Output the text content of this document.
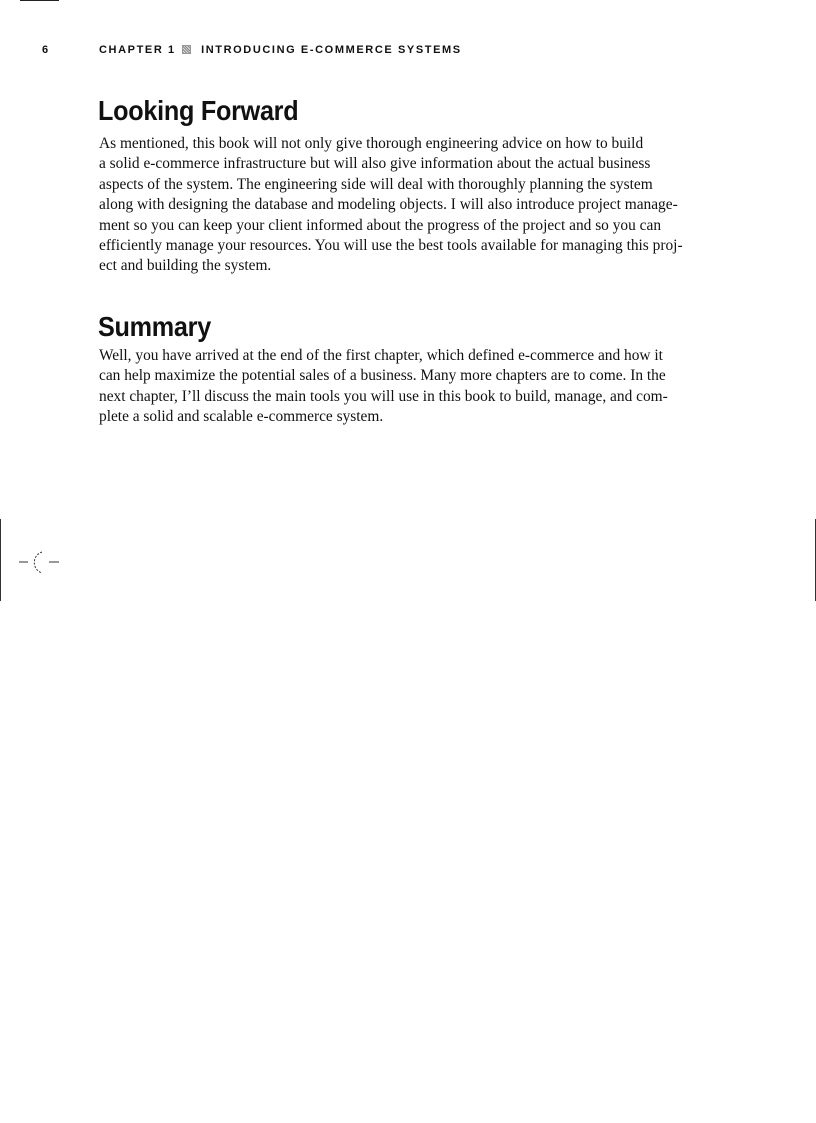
6	CHAPTER 1 INTRODUCING E-COMMERCE SYSTEMS
Looking Forward
As mentioned, this book will not only give thorough engineering advice on how to build
a solid e-commerce infrastructure but will also give information about the actual business
aspects of the system. The engineering side will deal with thoroughly planning the system
along with designing the database and modeling objects. I will also introduce project manage-
ment so you can keep your client informed about the progress of the project and so you can
efficiently manage your resources. You will use the best tools available for managing this proj-
ect and building the system.
Summary
Well, you have arrived at the end of the first chapter, which defined e-commerce and how it
can help maximize the potential sales of a business. Many more chapters are to come. In the
next chapter, I’ll discuss the main tools you will use in this book to build, manage, and com-
plete a solid and scalable e-commerce system.
